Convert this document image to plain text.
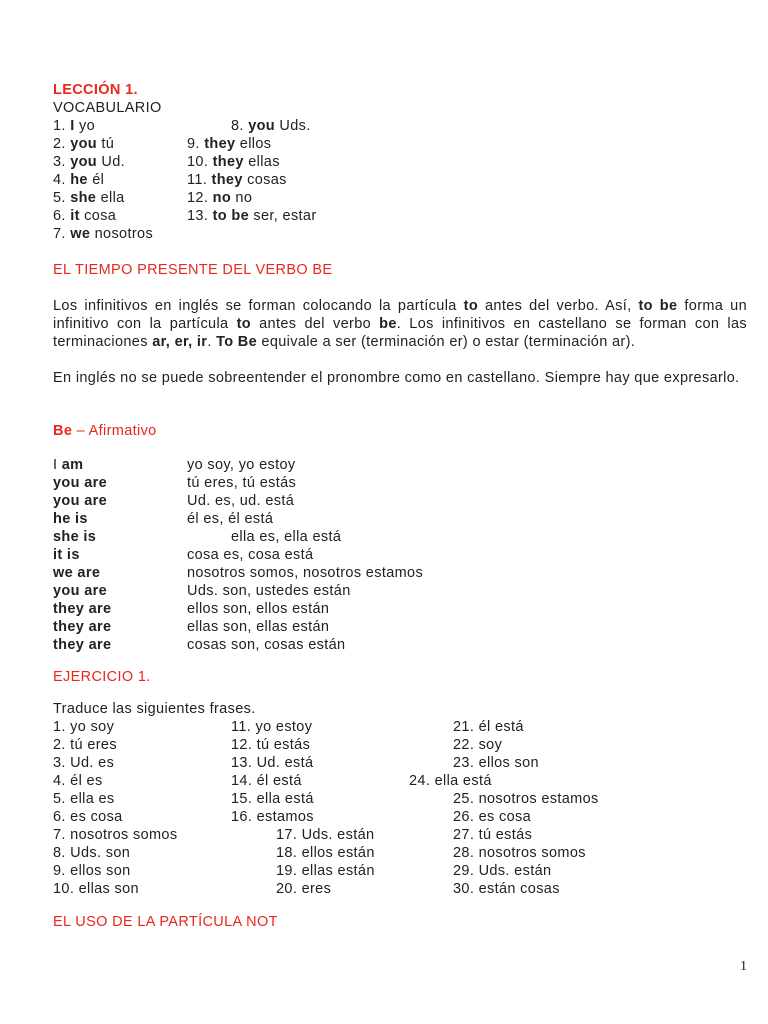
LECCIÓN 1.
VOCABULARIO
1. I yo
2. you tú
3. you Ud.
4. he él
5. she ella
6. it cosa
7. we nosotros
8. you Uds.
9. they ellos
10. they ellas
11. they cosas
12. no no
13. to be ser, estar
EL TIEMPO PRESENTE DEL VERBO BE
Los infinitivos en inglés se forman colocando la partícula to antes del verbo. Así, to be forma un infinitivo con la partícula to antes del verbo be. Los infinitivos en castellano se forman con las terminaciones ar, er, ir. To Be equivale a ser (terminación er) o estar (terminación ar).
En inglés no se puede sobreentender el pronombre como en castellano. Siempre hay que expresarlo.
Be – Afirmativo
I am	yo soy, yo estoy
you are	tú eres, tú estás
you are	Ud. es, ud. está
he is	él es, él está
she is	ella es, ella está
it is	cosa es, cosa está
we are	nosotros somos, nosotros estamos
you are	Uds. son, ustedes están
they are	ellos son, ellos están
they are	ellas son, ellas están
they are	cosas son, cosas están
EJERCICIO 1.
Traduce las siguientes frases.
1. yo soy
2. tú eres
3. Ud. es
4. él es
5. ella es
6. es cosa
7. nosotros somos
8. Uds. son
9. ellos son
10. ellas son
11. yo estoy
12. tú estás
13. Ud. está
14. él está
15. ella está
16. estamos
17. Uds. están
18. ellos están
19. ellas están
20. eres
21. él está
22. soy
23. ellos son
24. ella está
25. nosotros estamos
26. es cosa
27. tú estás
28. nosotros somos
29. Uds. están
30. están cosas
EL USO DE LA PARTÍCULA NOT
1
